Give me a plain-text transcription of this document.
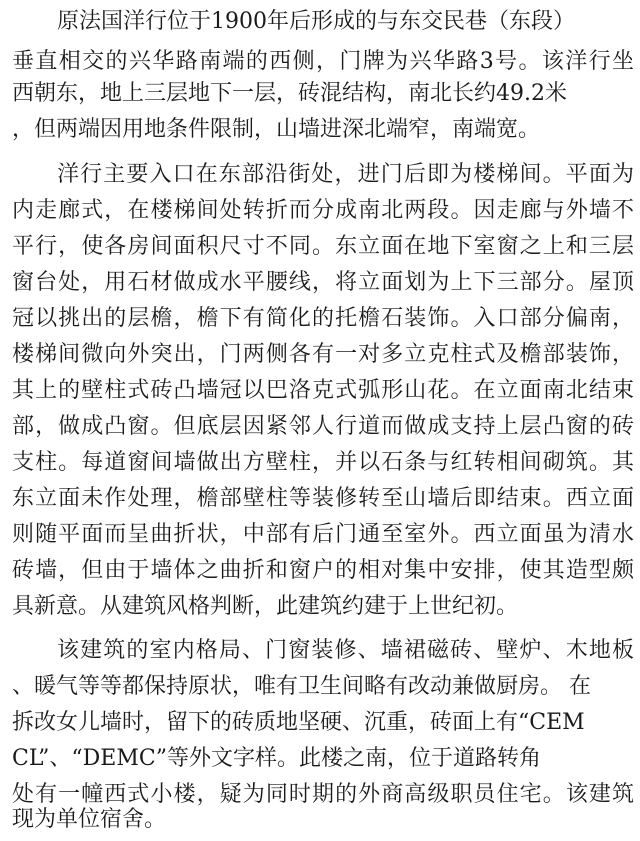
原法国洋行位于1900年后形成的与东交民巷（东段）
垂直相交的兴华路南端的西侧，门牌为兴华路3号。该洋行坐
西朝东，地上三层地下一层，砖混结构，南北长约49.2米
，但两端因用地条件限制，山墙进深北端窄，南端宽。
洋行主要入口在东部沿街处，进门后即为楼梯间。平面为
内走廊式，在楼梯间处转折而分成南北两段。因走廊与外墙不
平行，使各房间面积尺寸不同。东立面在地下室窗之上和三层
窗台处，用石材做成水平腰线，将立面划为上下三部分。屋顶
冠以挑出的层檐，檐下有简化的托檐石装饰。入口部分偏南，
楼梯间微向外突出，门两侧各有一对多立克柱式及檐部装饰，
其上的壁柱式砖凸墙冠以巴洛克式弧形山花。在立面南北结束
部，做成凸窗。但底层因紧邻人行道而做成支持上层凸窗的砖
支柱。每道窗间墙做出方壁柱，并以石条与红转相间砌筑。其
东立面未作处理，檐部壁柱等装修转至山墙后即结束。西立面
则随平面而呈曲折状，中部有后门通至室外。西立面虽为清水
砖墙，但由于墙体之曲折和窗户的相对集中安排，使其造型颇
具新意。从建筑风格判断，此建筑约建于上世纪初。
该建筑的室内格局、门窗装修、墙裙磁砖、壁炉、木地板
、暖气等等都保持原状，唯有卫生间略有改动兼做厨房。 在
拆改女儿墙时，留下的砖质地坚硬、沉重，砖面上有“CEM
CL”、“DEMC”等外文字样。此楼之南，位于道路转角
处有一幢西式小楼，疑为同时期的外商高级职员住宅。该建筑
现为单位宿舍。
